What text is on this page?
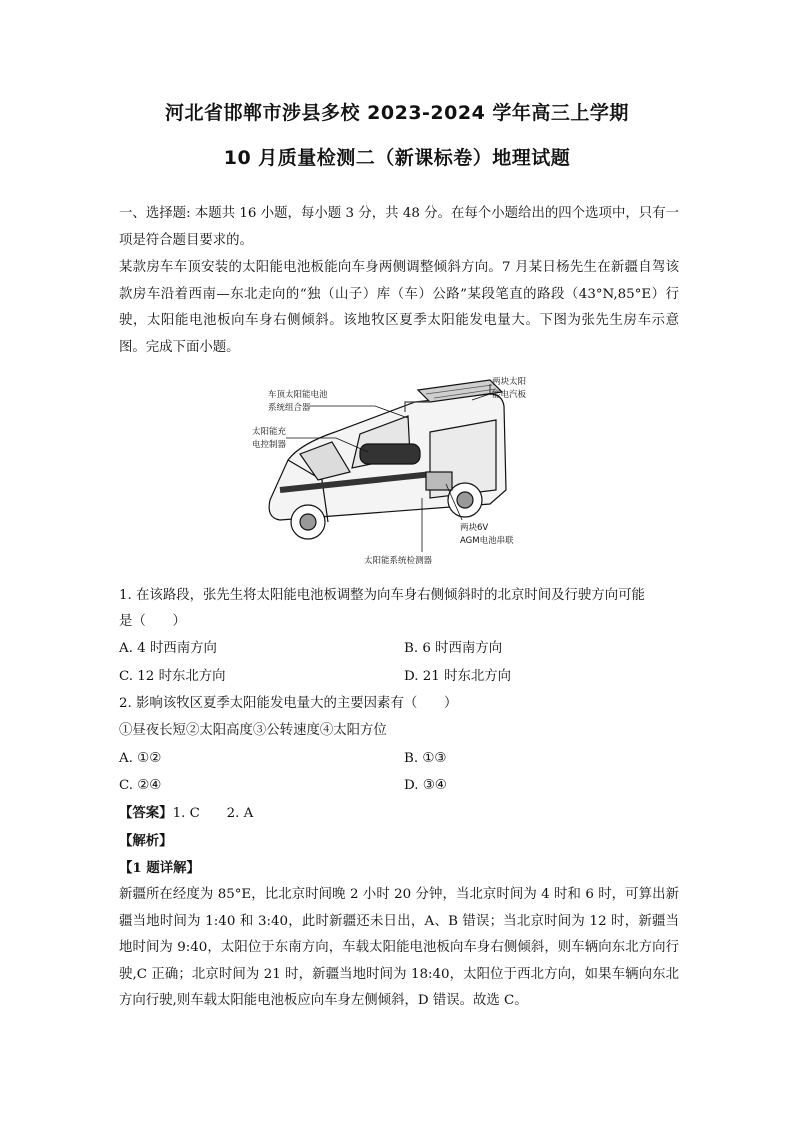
河北省邯郸市涉县多校 2023-2024 学年高三上学期
10 月质量检测二（新课标卷）地理试题
一、选择题: 本题共 16 小题，每小题 3 分，共 48 分。在每个小题给出的四个选项中，只有一项是符合题目要求的。
某款房车车顶安装的太阳能电池板能向车身两侧调整倾斜方向。7 月某日杨先生在新疆自驾该款房车沿着西南—东北走向的“独（山子）库（车）公路”某段笔直的路段（43°N,85°E）行驶，太阳能电池板向车身右侧倾斜。该地牧区夏季太阳能发电量大。下图为张先生房车示意图。完成下面小题。
车顶太阳能电池
系统组合器
太阳能充
电控制器
两块太阳
能电汽板
两块6V
AGM电池串联
太阳能系统检测器
1. 在该路段，张先生将太阳能电池板调整为向车身右侧倾斜时的北京时间及行驶方向可能
是（　　）
A. 4 时西南方向	B. 6 时西南方向
C. 12 时东北方向	D. 21 时东北方向
2. 影响该牧区夏季太阳能发电量大的主要因素有（　　）
①昼夜长短②太阳高度③公转速度④太阳方位
A. ①②	B. ①③
C. ②④	D. ③④
【答案】1. C　　2. A
【解析】
【1 题详解】
新疆所在经度为 85°E，比北京时间晚 2 小时 20 分钟，当北京时间为 4 时和 6 时，可算出新疆当地时间为 1:40 和 3:40，此时新疆还未日出，A、B 错误；当北京时间为 12 时，新疆当地时间为 9:40，太阳位于东南方向，车载太阳能电池板向车身右侧倾斜，则车辆向东北方向行驶,C 正确；北京时间为 21 时，新疆当地时间为 18:40，太阳位于西北方向，如果车辆向东北方向行驶,则车载太阳能电池板应向车身左侧倾斜，D 错误。故选 C。
